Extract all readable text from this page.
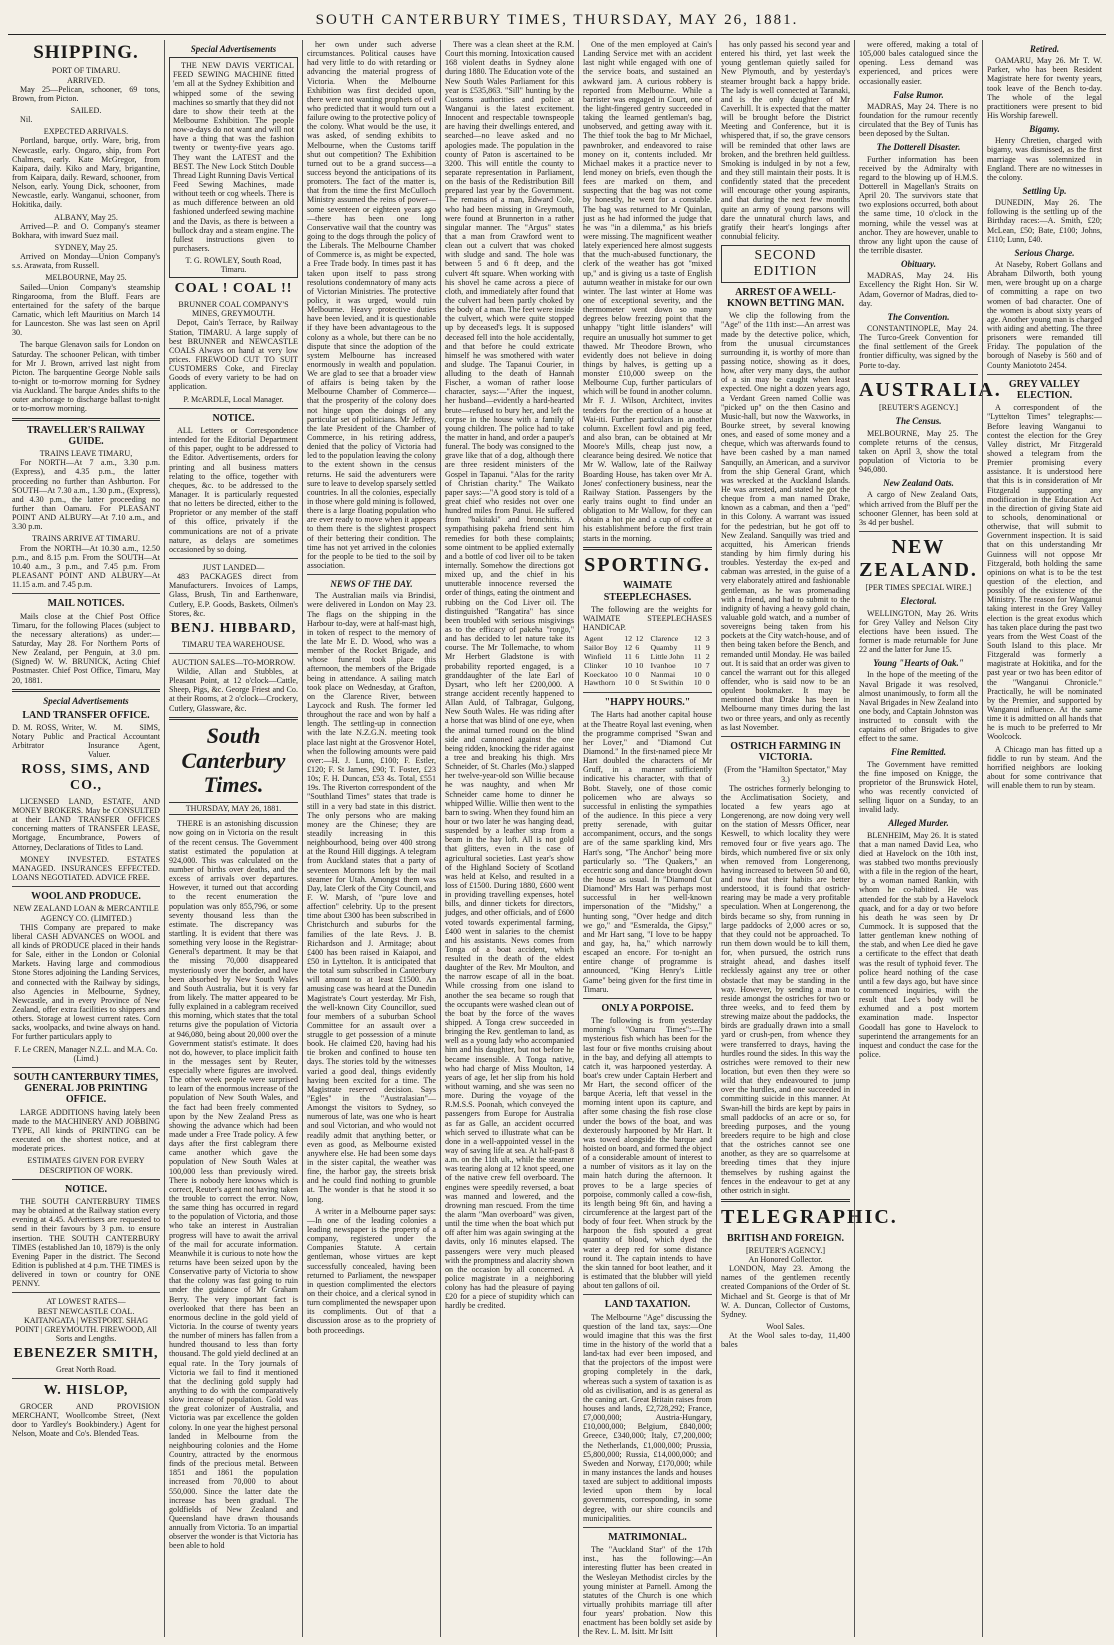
SOUTH CANTERBURY TIMES, THURSDAY, MAY 26, 1881.
SHIPPING.
PORT OF TIMARU.
ARRIVED.

May 25—Pelican, schooner, 69 tons, Brown, from Picton.

SAILED.

Nil.

EXPECTED ARRIVALS.

Portland, barque, ortly. Ware, brig, from Newcastle, early. Ongaro, ship, from Port Chalmers, early. Kate McGregor, from Kaipara, daily. Kiko and Mary, brigantine, from Kaipara, daily. Reward, schooner, from Nelson, early. Young Dick, schooner, from Newcastle, early. Wanganui, schooner, from Hokitika, daily.

ALBANY, May 25.

Arrived—P. and O. Company's steamer Bokhara, with inward Suez mail.

SYDNEY, May 25.

Arrived on Monday—Union Company's s.s. Arawata, from Russell.

MELBOURNE, May 25.

Sailed—Union Company's steamship Ringarooma, from the Bluff. Fears are entertained for the safety of the barque Carnatic, which left Mauritius on March 14 for Launceston. She was last seen on April 30.

The barque Glenavon sails for London on Saturday. The schooner Pelican, with timber for Mr J. Brown, arrived last night from Picton. The barquentine George Noble sails to-night or to-morrow morning for Sydney via Auckland. The barque Andes shifts to the outer anchorage to discharge ballast to-night or to-morrow morning.

TRAVELLER'S RAILWAY GUIDE.
TRAINS LEAVE TIMARU,

For NORTH—At 7 a.m., 3.30 p.m. (Express), and 4.35 p.m., the latter proceeding no further than Ashburton. For SOUTH—At 7.30 a.m., 1.30 p.m., (Express), and 4.30 p.m., the latter proceeding no further than Oamaru. For PLEASANT POINT AND ALBURY—At 7.10 a.m., and 3.30 p.m.

TRAINS ARRIVE AT TIMARU.

From the NORTH—At 10.30 a.m., 12.50 p.m., and 8.15 p.m. From the SOUTH—At 10.40 a.m., 3 p.m., and 7.45 p.m. From PLEASANT POINT AND ALBURY—At 11.15 a.m. and 7.45 p.m.

MAIL NOTICES.

Mails close at the Chief Post Office Timaru, for the following Places (subject to the necessary alterations) as under:— Saturday, May 28. For Northern Ports of New Zealand, per Penguin, at 3.0 pm. (Signed) W. W. BRUNICK, Acting Chief Postmaster. Chief Post Office, Timaru, May 20, 1881.

Special Advertisements
LAND TRANSFER OFFICE.
D. M. ROSS, Writer, Notary Public and Arbitrator
W. M. SIMS, Practical Accountant Insurance Agent, Valuer.
ROSS, SIMS, AND CO.,

LICENSED LAND, ESTATE, AND MONEY BROKERS. May be CONSULTED at their LAND TRANSFER OFFICES concerning matters of TRANSFER LEASE, Mortgage, Encumbrance, Powers of Attorney, Declarations of Titles to Land.

MONEY INVESTED. ESTATES MANAGED. INSURANCES EFFECTED. LOANS NEGOTIATED. ADVICE FREE.

WOOL AND PRODUCE.
NEW ZEALAND LOAN & MERCANTILE AGENCY CO. (LIMITED.)

THIS Company are prepared to make liberal CASH ADVANCES on WOOL and all kinds of PRODUCE placed in their hands for Sale, either in the London or Colonial Markets. Having large and commodious Stone Stores adjoining the Landing Services, and connected with the Railway by sidings, also Agencies in Melbourne, Sydney, Newcastle, and in every Province of New Zealand, offer extra facilities to shippers and others. Storage at lowest current rates. Corn sacks, woolpacks, and twine always on hand. For further particulars apply to

F. Le CREN, Manager N.Z.L. and M.A. Co. (Limd.)
SOUTH CANTERBURY TIMES, GENERAL JOB PRINTING OFFICE.

LARGE ADDITIONS having lately been made to the MACHINERY AND JOBBING TYPE, All kinds of PRINTING can be executed on the shortest notice, and at moderate prices.

ESTIMATES GIVEN FOR EVERY DESCRIPTION OF WORK.
NOTICE.

THE SOUTH CANTERBURY TIMES may be obtained at the Railway station every evening at 4.45. Advertisers are requested to send in their favours by 3 p.m. to ensure insertion. THE SOUTH CANTERBURY TIMES (established Jan 10, 1879) is the only Evening Paper in the district. The Second Edition is published at 4 p.m. THE TIMES is delivered in town or country for ONE PENNY.

AT LOWEST RATES—
BEST NEWCASTLE COAL. KAITANGATA | WESTPORT. SHAG POINT | GREYMOUTH. FIREWOOD, All Sorts and Lengths.
EBENEZER SMITH,
Great North Road.
W. HISLOP,

GROCER AND PROVISION MERCHANT, Woollcombe Street, (Next door to Yardley's Bookbindery.) Agent for Nelson, Moate and Co's. Blended Teas.

Special Advertisements

THE NEW DAVIS VERTICAL FEED SEWING MACHINE fitted 'em all at the Sydney Exhibition and whipped some of the sewing machines so smartly that they did not dare to show their teeth at the Melbourne Exhibition. The people now-a-days do not want and will not have a thing that was the fashion twenty or twenty-five years ago. They want the LATEST and the BEST. The New Lock Stitch Double Thread Light Running Davis Vertical Feed Sewing Machines, made without teeth or cog wheels. There is as much difference between an old fashioned underfeed sewing machine and the Davis, as there is between a bullock dray and a steam engine. The fullest instructions given to purchasers.

T. G. ROWLEY, South Road, Timaru.
COAL ! COAL !!
BRUNNER COAL COMPANY'S MINES, GREYMOUTH.

Depot, Cain's Terrace, by Railway Station, TIMARU. A large supply of best BRUNNER and NEWCASTLE COALS Always on hand at very low prices. FIREWOOD CUT TO SUIT CUSTOMERS Coke, and Fireclay Goods of every variety to be had on application.

P. McARDLE, Local Manager.
NOTICE.

ALL Letters or Correspondence intended for the Editorial Department of this paper, ought to be addressed to the Editor. Advertisements, orders for printing and all business matters relating to the office, together with cheques, &c. to be addressed to the Manager. It is particularly requested that no letters be directed, either to the Proprietor or any member of the staff of this office, privately if the communications are not of a private nature, as delays are sometimes occasioned by so doing.

JUST LANDED—

483 PACKAGES direct from Manufacturers. Invoices of Lamps, Glass, Brush, Tin and Earthenware, Cutlery, E.P. Goods, Baskets, Oilmen's Stores, &c.

BENJ. HIBBARD,
TIMARU TEA WAREHOUSE.
AUCTION SALES—TO-MORROW.

Wildie, Allan and Stubbles, at Pleasant Point, at 12 o'clock—Cattle, Sheep, Pigs, &c. George Friest and Co. at their Rooms, at 2 o'clock—Crockery, Cutlery, Glassware, &c.

South Canterbury Times.
THURSDAY, MAY 26, 1881.

THERE is an astonishing discussion now going on in Victoria on the result of the recent census. The Government statist estimated the population at 924,000. This was calculated on the number of births over deaths, and the excess of arrivals over departures. However, it turned out that according to the recent enumeration the population was only 855,796, or some seventy thousand less than the estimate. The discrepancy was startling. It is evident that there was something very loose in the Registrar-General's department. It may be that the missing 70,000 disappeared mysteriously over the border, and have been absorbed by New South Wales and South Australia, but it is very far from likely. The matter appeared to be fully explained in a cablegram received this morning, which states that the total returns give the population of Victoria at 946,080, being about 20,000 over the Government statist's estimate. It does not do, however, to place implicit faith in the messages sent by Reuter, especially where figures are involved. The other week people were surprised to learn of the enormous increase of the population of New South Wales, and the fact had been freely commented upon by the New Zealand Press as showing the advance which had been made under a Free Trade policy. A few days after the first cablegram there came another which gave the population of New South Wales at 100,000 less than previously wired. There is nobody here knows which is correct, Reuter's agent not having taken the trouble to correct the error. Now, the same thing has occurred in regard to the population of Victoria, and those who take an interest in Australian progress will have to await the arrival of the mail for accurate information. Meanwhile it is curious to note how the returns have been seized upon by the Conservative party of Victoria to show that the colony was fast going to ruin under the guidance of Mr Graham Berry. The very important fact is overlooked that there has been an enormous decline in the gold yield of Victoria. In the course of twenty years the number of miners has fallen from a hundred thousand to less than forty thousand. The gold yield declined at an equal rate. In the Tory journals of Victoria we fail to find it mentioned that the declining gold supply had anything to do with the comparatively slow increase of population. Gold was the great colonizer of Australia, and Victoria was par excellence the golden colony. In one year the highest personal landed in Melbourne from the neighbouring colonies and the Home Country, attracted by the enormous finds of the precious metal. Between 1851 and 1861 the population increased from 70,000 to about 550,000. Since the latter date the increase has been gradual. The goldfields of New Zealand and Queensland have drawn thousands annually from Victoria. To an impartial observer the wonder is that Victoria has been able to hold

her own under such adverse circumstances. Political causes have had very little to do with retarding or advancing the material progress of Victoria. When the Melbourne Exhibition was first decided upon, there were not wanting prophets of evil who predicted that it would turn out a failure owing to the protective policy of the colony. What would be the use, it was asked, of sending exhibits to Melbourne, when the Customs tariff shut out competition? The Exhibition turned out to be a grand success—a success beyond the anticipations of its promoters. The fact of the matter is, that from the time the first McCulloch Ministry assumed the reins of power—some seventeen or eighteen years ago—there has been one long Conservative wail that the country was going to the dogs through the policy of the Liberals. The Melbourne Chamber of Commerce is, as might be expected, a Free Trade body. In times past it has taken upon itself to pass strong resolutions condemnatory of many acts of Victorian Ministries. The protective policy, it was urged, would ruin Melbourne. Heavy protective duties have been levied, and it is questionable if they have been advantageous to the colony as a whole, but there can be no dispute that since the adoption of the system Melbourne has increased enormously in wealth and population. We are glad to see that a broader view of affairs is being taken by the Melbourne Chamber of Commerce—that the prosperity of the colony does not hinge upon the doings of any particular set of politicians. Mr Jeffrey, the late President of the Chamber of Commerce, in his retiring address, denied that the policy of Victoria had led to the population leaving the colony to the extent shown in the census returns. He said the adventurers were sure to leave to develop sparsely settled countries. In all the colonies, especially in those where gold mining is followed, there is a large floating population who are ever ready to move when it appears to them there is the slightest prospect of their bettering their condition. The time has not yet arrived in the colonies for the people to be tied to the soil by association.

NEWS OF THE DAY.

The Australian mails via Brindisi, were delivered in London on May 23. The flags on the shipping in the Harbour to-day, were at half-mast high, in token of respect to the memory of the late Mr E. D. Wood, who was a member of the Rocket Brigade, and whose funeral took place this afternoon, the members of the Brigade being in attendance. A sailing match took place on Wednesday, at Grafton, on the Clarence River, between Laycock and Rush. The former led throughout the race and won by half a length. The settling-up in connection with the late N.Z.G.N. meeting took place last night at the Grosvenor Hotel, when the following amounts were paid over:—H. J. Lunn, £100; F. Estler, £120; F. St James, £90; T. Foster, £23 10s; F. H. Duncan, £53 4s. Total, £551 19s. The Riverton correspondent of the "Southland Times" states that trade is still in a very bad state in this district. The only persons who are making money are the Chinese; they are steadily increasing in this neighbourhood, being over 400 strong at the Round Hill diggings. A telegram from Auckland states that a party of seventeen Mormons left by the mail steamer for Utah. Amongst them was Day, late Clerk of the City Council, and F. W. Marsh, of "pure love and affection" celebrity. Up to the present time about £300 has been subscribed in Christchurch and suburbs for the families of the late Revs. J. B. Richardson and J. Armitage; about £400 has been raised in Kaiapoi, and £50 in Lyttelton. It is anticipated that the total sum subscribed in Canterbury will amount to at least £1500. An amusing case was heard at the Dunedin Magistrate's Court yesterday. Mr Fish, the well-known City Councillor, sued four members of a suburban School Committee for an assault over a struggle to get possession of a minute book. He claimed £20, having had his tie broken and confined to house ten days. The stories told by the witnesses varied a good deal, things evidently having been excited for a time. The Magistrate reserved decision. Says "Egles" in the "Australasian"—Amongst the visitors to Sydney, so numerous of late, was one who is heart and soul Victorian, and who would not readily admit that anything better, or even as good, as Melbourne existed anywhere else. He had been some days in the sister capital, the weather was fine, the harbor gay, the streets brisk and he could find nothing to grumble at. The wonder is that he stood it so long.

A writer in a Melbourne paper says:—In one of the leading colonies a leading newspaper is the property of a company, registered under the Companies Statute. A certain gentleman, whose virtues are kept successfully concealed, having been returned to Parliament, the newspaper in question complimented the electors on their choice, and a clerical synod in turn complimented the newspaper upon its compliments. Out of that a discussion arose as to the propriety of both proceedings.

There was a clean sheet at the R.M. Court this morning. Intoxication caused 168 violent deaths in Sydney alone during 1880. The Education vote of the New South Wales Parliament for this year is £535,863. "Sill" hunting by the Customs authorities and police at Wanganui is the latest excitement. Innocent and respectable townspeople are having their dwellings entered, and searched—no leave asked and no apologies made. The population in the county of Paton is ascertained to be 3200. This will entitle the county to separate representation in Parliament, on the basis of the Redistribution Bill prepared last year by the Government. The remains of a man, Edward Cole, who had been missing in Greymouth, were found at Brunnerton in a rather singular manner. The "Argus" states that a man from Crawford went to clean out a culvert that was choked with sludge and sand. The hole was between 5 and 6 ft deep, and the culvert 4ft square. When working with his shovel he came across a piece of cloth, and immediately after found that the culvert had been partly choked by the body of a man. The feet were inside the culvert, which were quite stopped up by deceased's legs. It is supposed deceased fell into the hole accidentally, and that before he could extricate himself he was smothered with water and sludge. The Tapanui Courier, in alluding to the death of Hannah Fischer, a woman of rather loose character, says:—"After the inquest, her husband—evidently a hard-hearted brute—refused to bury her, and left the corpse in the house with a family of young children. The police had to take the matter in hand, and order a pauper's funeral. The body was consigned to the grave like that of a dog, although there are three resident ministers of the Gospel in Tapanui. "Alas for the rarity of Christian charity." The Waikato paper says:—"A good story is told of a great chief who resides not over one hundred miles from Panui. He suffered from "bakitaki" and bronchitis. A sympathising pakeha friend sent him remedies for both these complaints; some ointment to be applied externally and a bottle of cod liver oil to be taken internally. Somehow the directions got mixed up, and the chief in his unutterable innocence reversed the order of things, eating the ointment and rubbing on the Cod Liver oil. The distinguished "Rangatira" has since been troubled with serious misgivings as to the efficacy of pakeha "rongo," and has decided to let nature take its course. The Mr Tollemache, to whom Mr Herbert Gladstone is with probability reported engaged, is a granddaughter of the late Earl of Dysart, who left her £200,000. A strange accident recently happened to Allan Auld, of Talbragar, Gulgong, New South Wales. He was riding after a horse that was blind of one eye, when the animal turned round on the blind side and cannoned against the one being ridden, knocking the rider against a tree and breaking his thigh. Mrs Schneider, of St. Charles (Mo.) slapped her twelve-year-old son Willie because he was naughty, and when Mr Schneider came home to dinner he whipped Willie. Willie then went to the barn to swing. When they found him an hour or two later he was hanging dead, suspended by a leather strap from a beam in the hay loft. All is not gold that glitters, even in the case of agricultural societies. Last year's show of the Highland Society of Scotland was held at Kelso, and resulted in a loss of £1500. During 1880, £600 went in providing travelling expenses, hotel bills, and dinner tickets for directors, judges, and other officials, and of £600 voted towards experimental farming, £400 went in salaries to the chemist and his assistants. News comes from Tonga of a boat accident, which resulted in the death of the eldest daughter of the Rev. Mr Moulton, and the narrow escape of all in the boat. While crossing from one island to another the sea became so rough that the occupants were washed clean out of the boat by the force of the waves shipped. A Tonga crew succeeded in bringing the Rev. gentleman to land, as well as a young lady who accompanied him and his daughter, but not before he became insensible. A Tonga native, who had charge of Miss Moulton, 14 years of age, let her slip from his hold without warning, and she was seen no more. During the voyage of the R.M.S.S. Poonah, which conveyed the passengers from Europe for Australia as far as Galle, an accident occurred which served to illustrate what can be done in a well-appointed vessel in the way of saving life at sea. At half-past 8 a.m. on the 11th ult., while the steamer was tearing along at 12 knot speed, one of the native crew fell overboard. The engines were speedily reversed, a boat was manned and lowered, and the drowning man rescued. From the time the alarm "Man overboard" was given, until the time when the boat which put off after him was again swinging at the davits, only 16 minutes elapsed. The passengers were very much pleased with the promptness and alacrity shown on the occasion by all concerned. A police magistrate in a neighboring colony has had the pleasure of paying £20 for a piece of stupidity which can hardly be credited.

One of the men employed at Cain's Landing Service met with an accident last night while engaged with one of the service boats, and sustained an awkward jam. A curious robbery is reported from Melbourne. While a barrister was engaged in Court, one of the light-fingered gentry succeeded in taking the learned gentleman's bag, unobserved, and getting away with it. The thief took the bag to Mr Michael, pawnbroker, and endeavored to raise money on it, contents included. Mr Michael makes it a practice never to lend money on briefs, even though the fees are marked on them, and suspecting that the bag was not come by honestly, he went for a constable. The bag was returned to Mr Quinlan, just as he had informed the judge that he was "in a dilemma," as his briefs were missing. The magnificent weather lately experienced here almost suggests that the much-abused functionary, the clerk of the weather has got "mixed up," and is giving us a taste of English autumn weather in mistake for our own winter. The last winter at Home was one of exceptional severity, and the thermometer went down so many degrees below freezing point that the unhappy "tight little islanders" will require an unusually hot summer to get thawed. Mr Theodore Brown, who evidently does not believe in doing things by halves, is getting up a monster £10,000 sweep on the Melbourne Cup, further particulars of which will be found in another column. Mr F. J. Wilson, Architect, invites tenders for the erection of a house at Wai-iti. Further particulars in another column. Excellent fowl and pig feed, and also bran, can be obtained at Mr Moore's Mills, cheap just now, a clearance being desired. We notice that Mr W. Wallow, late of the Railway Boarding House, has taken over Mr A. Jones' confectionery business, near the Railway Station. Passengers by the early trains ought to find under an obligation to Mr Wallow, for they can obtain a hot pie and a cup of coffee at his establishment before the first train starts in the morning.

SPORTING.
WAIMATE STEEPLECHASES.

The following are the weights for WAIMATE STEEPLECHASES HANDICAP.

Agent	12	12
Sailor Boy	12	6
Winfield	11	6
Clinker	10	10
Koeckatoo	10	0
Hawthorn	10	0
Clarence	12	3
Quamby	11	9
Little John	11	2
Ivanhoe	10	7
Nanmai	10	0
St Swithin	10	0
"HAPPY HOURS."

The Harts had another capital house at the Theatre Royal last evening, when the programme comprised "Swan and her Lover," and "Diamond Cut Diamond." In the first-named piece Mr Hart doubled the characters of Mr Gruff, in a manner sufficiently indicative his character, with that of Bobt. Stavely, one of those comic policemen who are always so successful in enlisting the sympathies of the audience. In this piece a very pretty serenade, with guitar accompaniment, occurs, and the songs are of the same sparkling kind, Mrs Hart's song, "The Anchor" being more particularly so. "The Quakers," an eccentric song and dance brought down the house as usual. In "Diamond Cut Diamond" Mrs Hart was perhaps most successful in her well-known impersonation of the "Midshy," a hunting song, "Over hedge and ditch we go," and "Esmeralda, the Gipsy," and Mr Hart sang, "I love to be happy and gay, ha, ha," which narrowly escaped an encore. For to-night an entire change of programme is announced, "King Henry's Little Game" being given for the first time in Timaru.

ONLY A PORPOISE.

The following is from yesterday morning's "Oamaru Times":—The mysterious fish which has been for the last four or five months cruising about in the bay, and defying all attempts to catch it, was harpooned yesterday. A boat's crew under Captain Herbert and Mr Hart, the second officer of the barque Aceria, left that vessel in the morning intent upon its capture, and after some chasing the fish rose close under the bows of the boat, and was dexterously harpooned by Mr Hart. It was towed alongside the barque and hoisted on board, and formed the object of a considerable amount of interest to a number of visitors as it lay on the main hatch during the afternoon. It proves to be a large species of porpoise, commonly called a cow-fish, its length being 9ft 6in, and having a circumference at the largest part of the body of four feet. When struck by the harpoon the fish spouted a great quantity of blood, which dyed the water a deep red for some distance round it. The captain intends to have the skin tanned for boot leather, and it is estimated that the blubber will yield about ten gallons of oil.

LAND TAXATION.

The Melbourne "Age" discussing the question of the land tax, says:—One would imagine that this was the first time in the history of the world that a land-tax had ever been imposed, and that the projectors of the impost were groping completely in the dark, whereas such a system of taxation is as old as civilisation, and is as general as the caning art. Great Britain raises from houses and lands, £2,728,292; France, £7,000,000; Austria-Hungary, £10,000,000; Belgium, £840,000; Greece, £340,000; Italy, £7,200,000; the Netherlands, £1,000,000; Prussia, £5,800,000; Russia, £14,000,000; and Sweden and Norway, £170,000; while in many instances the lands and houses taxed are subject to additional imposts levied upon them by local governments, corresponding, in some degree, with our shire councils and municipalities.

MATRIMONIAL.

The "Auckland Star" of the 17th inst., has the following:—An interesting flutter has been created in the Wesleyan Methodist circles by the young minister at Parnell. Among the statutes of the Church is one which virtually prohibits marriage till after four years' probation. Now this enactment has been boldly set aside by the Rev. L. M. Isitt. Mr Isitt

has only passed his second year and entered his third, yet last week the young gentleman quietly sailed for New Plymouth, and by yesterday's steamer brought back a happy bride. The lady is well connected at Taranaki, and is the only daughter of Mr Caverhill. It is expected that the matter will be brought before the District Meeting and Conference, but it is whispered that, if so, the grave censors will be reminded that other laws are broken, and the brethren held guiltless. Smoking is indulged in by not a few, and they still maintain their posts. It is confidently stated that the precedent will encourage other young aspirants, and that during the next few months quite an army of young parsons will dare the unnatural church laws, and gratify their heart's longings after connubial felicity.

SECOND EDITION
ARREST OF A WELL-KNOWN BETTING MAN.

We clip the following from the "Age" of the 11th inst:—An arrest was made by the detective police, which, from the unusual circumstances surrounding it, is worthy of more than passing notice, showing as it does, how, after very many days, the author of a sin may be caught when least expected. One night a dozen years ago, a Verdant Green named Collie was "picked up" on the then Casino and Music-hall, but now the Waxworks, in Bourke street, by several knowing ones, and eased of some money and a cheque, which was afterwards found to have been cashed by a man named Sanquilly, an American, and a survivor from the ship General Grant, which was wrecked at the Auckland Islands. He was arrested, and stated he got the cheque from a man named Drake, known as a cabman, and then a "ped" in this Colony. A warrant was issued for the pedestrian, but he got off to New Zealand. Sanquilly was tried and acquitted, his American friends standing by him firmly during his troubles. Yesterday the ex-ped and cabman was arrested, in the guise of a very elaborately attired and fashionable gentleman, as he was promenading with a friend, and had to submit to the indignity of having a heavy gold chain, valuable gold watch, and a number of sovereigns being taken from his pockets at the City watch-house, and of then being taken before the Bench, and remanded until Monday. He was bailed out. It is said that an order was given to cancel the warrant out for this alleged offender, who is said now to be an opulent bookmaker. It may be mentioned that Drake has been in Melbourne many times during the last two or three years, and only as recently as last November.

OSTRICH FARMING IN VICTORIA.
(From the "Hamilton Spectator," May 3.)

The ostriches formerly belonging to the Acclimatisation Society, and located a few years ago at Longerenong, are now doing very well on the station of Messrs Officer, near Keswell, to which locality they were removed four or five years ago. The birds, which numbered five or six only when removed from Longerenong, having increased to between 50 and 60, and now that their habits are better understood, it is found that ostrich-rearing may be made a very profitable speculation. When at Longerenong, the birds became so shy, from running in large paddocks of 2,000 acres or so, that they could not be approached. To run them down would be to kill them, for, when pursued, the ostrich runs straight ahead, and dashes itself recklessly against any tree or other obstacle that may be standing in the way. However, by sending a man to reside amongst the ostriches for two or three weeks, and to feed them by strewing maize about the paddocks, the birds are gradually drawn into a small yard or crush-pen, from whence they were transferred to drays, having the hurdles round the sides. In this way the ostriches were removed to their new location, but even then they were so wild that they endeavoured to jump over the hurdles, and one succeeded in committing suicide in this manner. At Swan-hill the birds are kept by pairs in small paddocks of an acre or so, for breeding purposes, and the young breeders require to be high and close that the ostriches cannot see one another, as they are so quarrelsome at breeding times that they injure themselves by rushing against the fences in the endeavour to get at any other ostrich in sight.

TELEGRAPHIC.
BRITISH AND FOREIGN.
[REUTER'S AGENCY.]
An Honored Collector.

LONDON, May 23. Among the names of the gentlemen recently created Companions of the Order of St. Michael and St. George is that of Mr W. A. Duncan, Collector of Customs, Sydney.

Wool Sales.

At the Wool sales to-day, 11,400 bales

were offered, making a total of 105,000 bales catalogued since the opening. Less demand was experienced, and prices were occasionally easier.

False Rumor.

MADRAS, May 24. There is no foundation for the rumour recently circulated that the Bey of Tunis has been deposed by the Sultan.

The Dotterell Disaster.

Further information has been received by the Admiralty with regard to the blowing up of H.M.S. Dotterell in Magellan's Straits on April 20. The survivors state that two explosions occurred, both about the same time, 10 o'clock in the morning, while the vessel was at anchor. They are however, unable to throw any light upon the cause of the terrible disaster.

Obituary.

MADRAS, May 24. His Excellency the Right Hon. Sir W. Adam, Governor of Madras, died to-day.

The Convention.

CONSTANTINOPLE, May 24. The Turco-Greek Convention for the final settlement of the Greek frontier difficulty, was signed by the Porte to-day.

AUSTRALIA.
[REUTER'S AGENCY.]
The Census.

MELBOURNE, May 25. The complete returns of the census, taken on April 3, show the total population of Victoria to be 946,080.

New Zealand Oats.

A cargo of New Zealand Oats, which arrived from the Bluff per the schooner Glenner, has been sold at 3s 4d per bushel.

NEW ZEALAND.
[PER TIMES SPECIAL WIRE.]
Electoral.

WELLINGTON, May 26. Writs for Grey Valley and Nelson City elections have been issued. The former is made returnable for June 22 and the latter for June 15.

Young "Hearts of Oak."

In the hope of the meeting of the Naval Brigade it was resolved, almost unanimously, to form all the Naval Brigades in New Zealand into one body, and Captain Johnston was instructed to consult with the captains of other Brigades to give effect to the same.

Fine Remitted.

The Government have remitted the fine imposed on Knigge, the proprietor of the Brunswick Hotel, who was recently convicted of selling liquor on a Sunday, to an invalid lady.

Alleged Murder.

BLENHEIM, May 26. It is stated that a man named David Lea, who died at Havelock on the 10th inst, was stabbed two months previously with a file in the region of the heart, by a woman named Rankin, with whom he co-habited. He was attended for the stab by a Havelock quack, and for a day or two before his death he was seen by Dr Cummock. It is supposed that the latter gentleman knew nothing of the stab, and when Lee died he gave a certificate to the effect that death was the result of typhoid fever. The police heard nothing of the case until a few days ago, but have since commenced inquiries, with the result that Lee's body will be exhumed and a post mortem examination made. Inspector Goodall has gone to Havelock to superintend the arrangements for an inquest and conduct the case for the police.

Retired.

OAMARU, May 26. Mr T. W. Parker, who has been Resident Magistrate here for twenty years, took leave of the Bench to-day. The whole of the legal practitioners were present to bid His Worship farewell.

Bigamy.

Henry Chretien, charged with bigamy, was dismissed, as the first marriage was solemnized in England. There are no witnesses in the colony.

Settling Up.

DUNEDIN, May 26. The following is the settling up of the Birthday races:—A. Smith, £20; McLean, £50; Bate, £100; Johns, £110; Lunn, £40.

Serious Charge.

At Naseby, Robert Gollans and Abraham Dilworth, both young men, were brought up on a charge of committing a rape on two women of bad character. One of the women is about sixty years of age. Another young man is charged with aiding and abetting. The three prisoners were remanded till Friday. The population of the borough of Naseby is 560 and of County Maniototo 2454.

GREY VALLEY ELECTION.

A correspondent of the "Lyttelton Times" telegraphs:—Before leaving Wanganui to contest the election for the Grey Valley district, Mr Fitzgerald showed a telegram from the Premier promising every assistance. It is understood here that this is in consideration of Mr Fitzgerald supporting any modification in the Education Act in the direction of giving State aid to schools, denominational or otherwise, that will submit to Government inspection. It is said that on this understanding Mr Guinness will not oppose Mr Fitzgerald, both holding the same opinions on what is to be the test question of the election, and possibly of the existence of the Ministry. The reason for Wanganui taking interest in the Grey Valley election is the great exodus which has taken place during the past two years from the West Coast of the South Island to this place. Mr Fitzgerald was formerly a magistrate at Hokitika, and for the past year or two has been editor of the "Wanganui Chronicle." Practically, he will be nominated by the Premier, and supported by Wanganui influence. At the same time it is admitted on all hands that he is much to be preferred to Mr Woolcock.

A Chicago man has fitted up a fiddle to run by steam. And the horrified neighbors are looking about for some contrivance that will enable them to run by steam.
